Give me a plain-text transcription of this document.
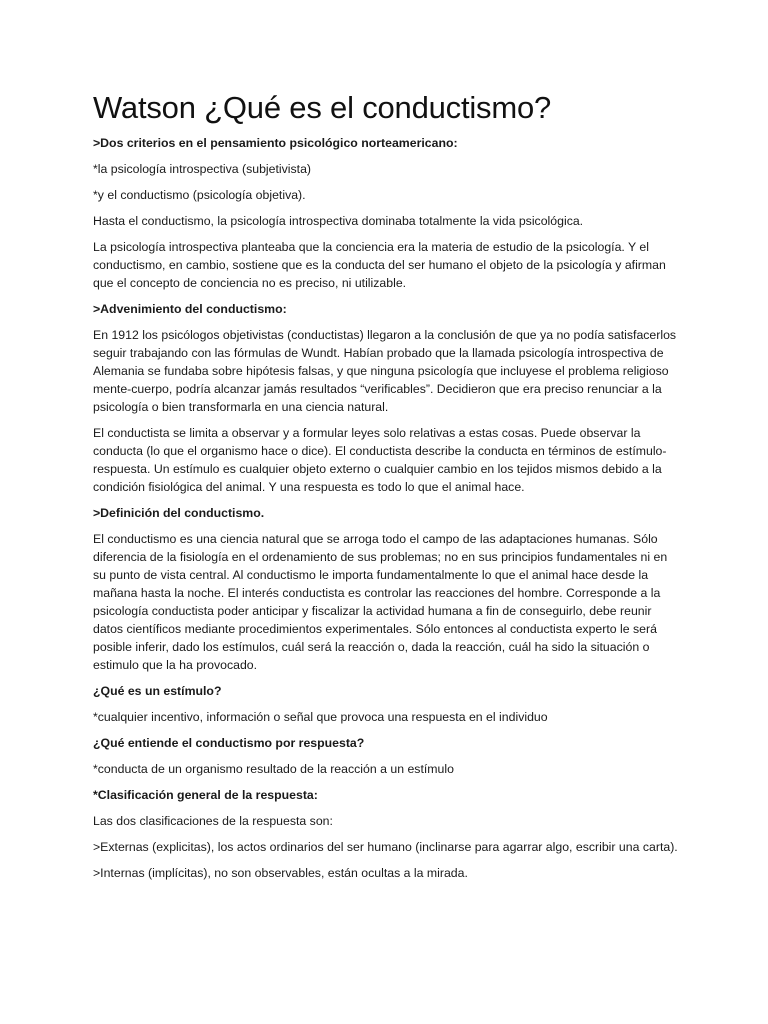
Watson ¿Qué es el conductismo?

>Dos criterios en el pensamiento psicológico norteamericano:

*la psicología introspectiva (subjetivista)

*y el conductismo (psicología objetiva).

Hasta el conductismo, la psicología introspectiva dominaba totalmente la vida psicológica.

La psicología introspectiva planteaba que la conciencia era la materia de estudio de la psicología. Y el conductismo, en cambio, sostiene que es la conducta del ser humano el objeto de la psicología y afirman que el concepto de conciencia no es preciso, ni utilizable.

>Advenimiento del conductismo:

En 1912 los psicólogos objetivistas (conductistas) llegaron a la conclusión de que ya no podía satisfacerlos seguir trabajando con las fórmulas de Wundt. Habían probado que la llamada psicología introspectiva de Alemania se fundaba sobre hipótesis falsas, y que ninguna psicología que incluyese el problema religioso mente-cuerpo, podría alcanzar jamás resultados “verificables”. Decidieron que era preciso renunciar a la psicología o bien transformarla en una ciencia natural.

El conductista se limita a observar y a formular leyes solo relativas a estas cosas. Puede observar la conducta (lo que el organismo hace o dice). El conductista describe la conducta en términos de estímulo-respuesta. Un estímulo es cualquier objeto externo o cualquier cambio en los tejidos mismos debido a la condición fisiológica del animal. Y una respuesta es todo lo que el animal hace.

>Definición del conductismo.

El conductismo es una ciencia natural que se arroga todo el campo de las adaptaciones humanas. Sólo diferencia de la fisiología en el ordenamiento de sus problemas; no en sus principios fundamentales ni en su punto de vista central. Al conductismo le importa fundamentalmente lo que el animal hace desde la mañana hasta la noche. El interés conductista es controlar las reacciones del hombre. Corresponde a la psicología conductista poder anticipar y fiscalizar la actividad humana a fin de conseguirlo, debe reunir datos científicos mediante procedimientos experimentales. Sólo entonces al conductista experto le será posible inferir, dado los estímulos, cuál será la reacción o, dada la reacción, cuál ha sido la situación o estimulo que la ha provocado.

¿Qué es un estímulo?

*cualquier incentivo, información o señal que provoca una respuesta en el individuo

¿Qué entiende el conductismo por respuesta?

*conducta de un organismo resultado de la reacción a un estímulo

*Clasificación general de la respuesta:

Las dos clasificaciones de la respuesta son:

>Externas (explicitas), los actos ordinarios del ser humano (inclinarse para agarrar algo, escribir una carta).

>Internas (implícitas), no son observables, están ocultas a la mirada.
